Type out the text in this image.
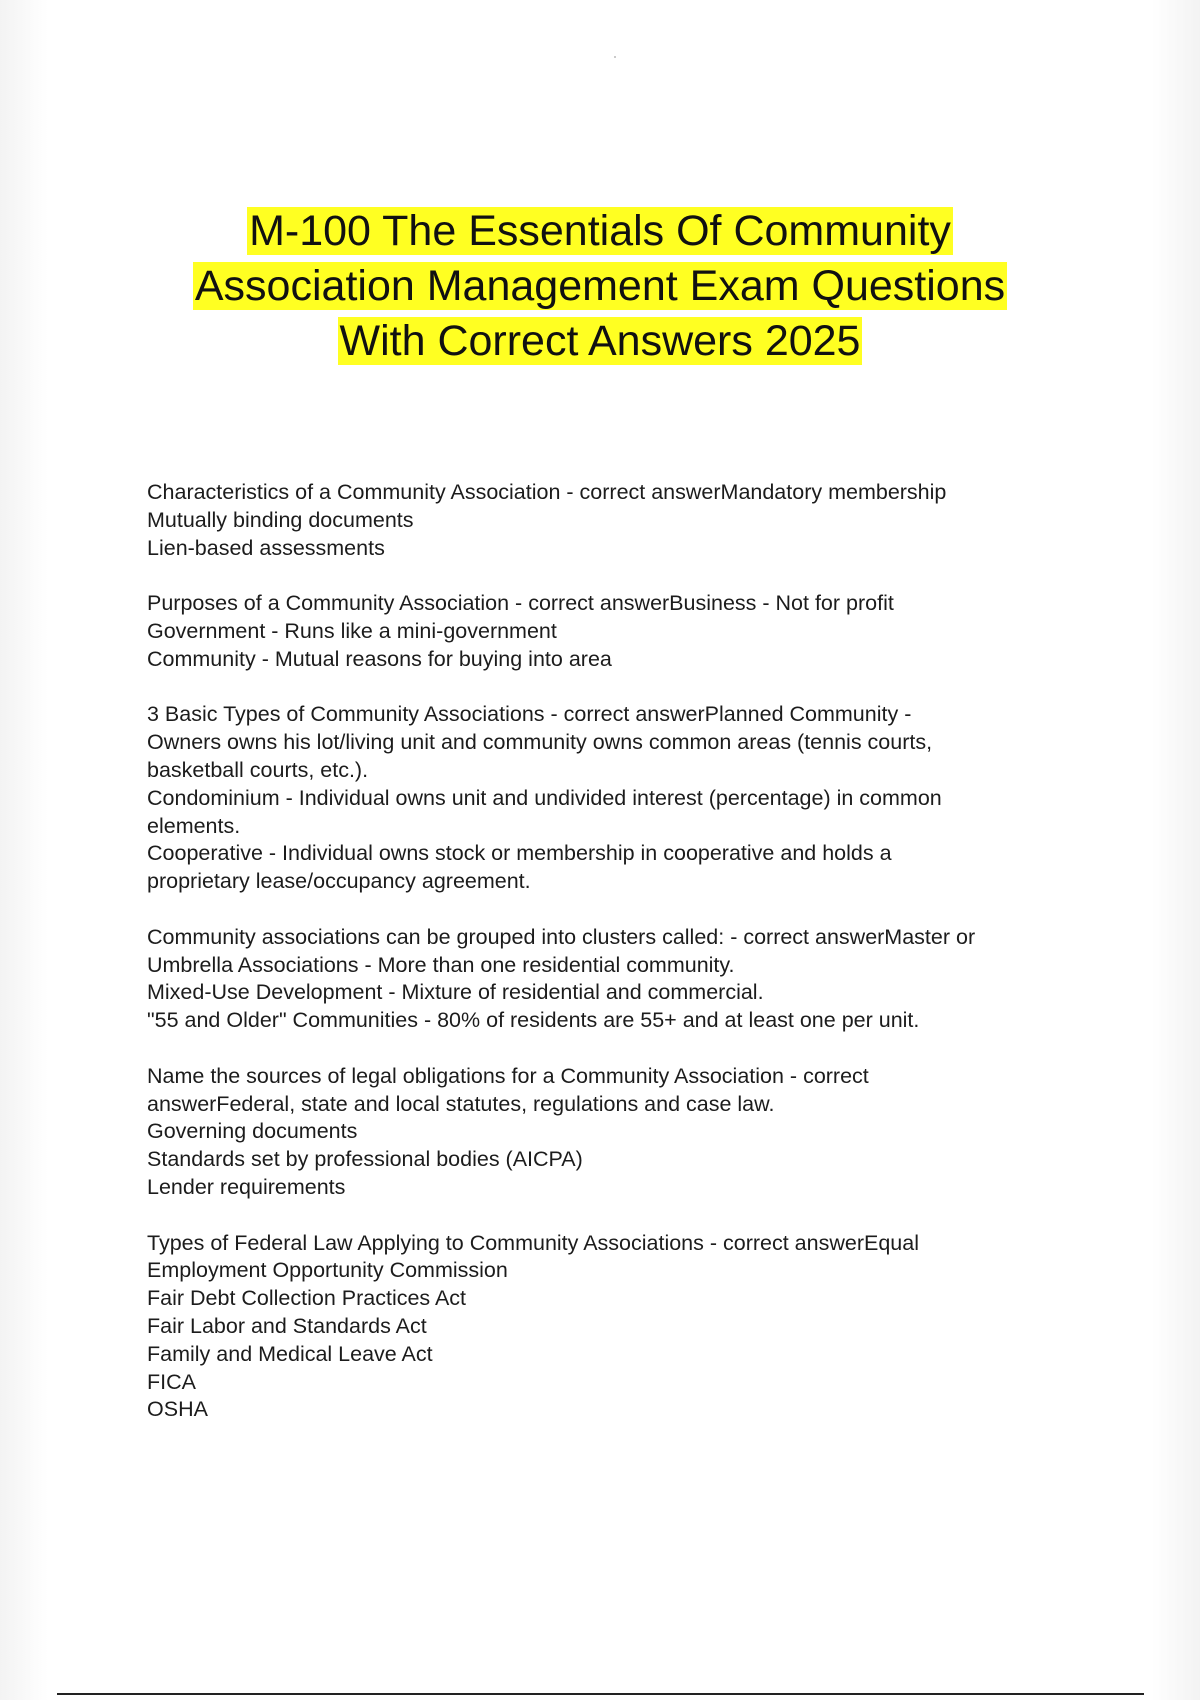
M-100 The Essentials Of Community
Association Management Exam Questions
With Correct Answers 2025
Characteristics of a Community Association - correct answerMandatory membership
Mutually binding documents
Lien-based assessments
Purposes of a Community Association - correct answerBusiness - Not for profit
Government - Runs like a mini-government
Community - Mutual reasons for buying into area
3 Basic Types of Community Associations - correct answerPlanned Community -
Owners owns his lot/living unit and community owns common areas (tennis courts,
basketball courts, etc.).
Condominium - Individual owns unit and undivided interest (percentage) in common
elements.
Cooperative - Individual owns stock or membership in cooperative and holds a
proprietary lease/occupancy agreement.
Community associations can be grouped into clusters called: - correct answerMaster or
Umbrella Associations - More than one residential community.
Mixed-Use Development - Mixture of residential and commercial.
"55 and Older" Communities - 80% of residents are 55+ and at least one per unit.
Name the sources of legal obligations for a Community Association - correct
answerFederal, state and local statutes, regulations and case law.
Governing documents
Standards set by professional bodies (AICPA)
Lender requirements
Types of Federal Law Applying to Community Associations - correct answerEqual
Employment Opportunity Commission
Fair Debt Collection Practices Act
Fair Labor and Standards Act
Family and Medical Leave Act
FICA
OSHA
